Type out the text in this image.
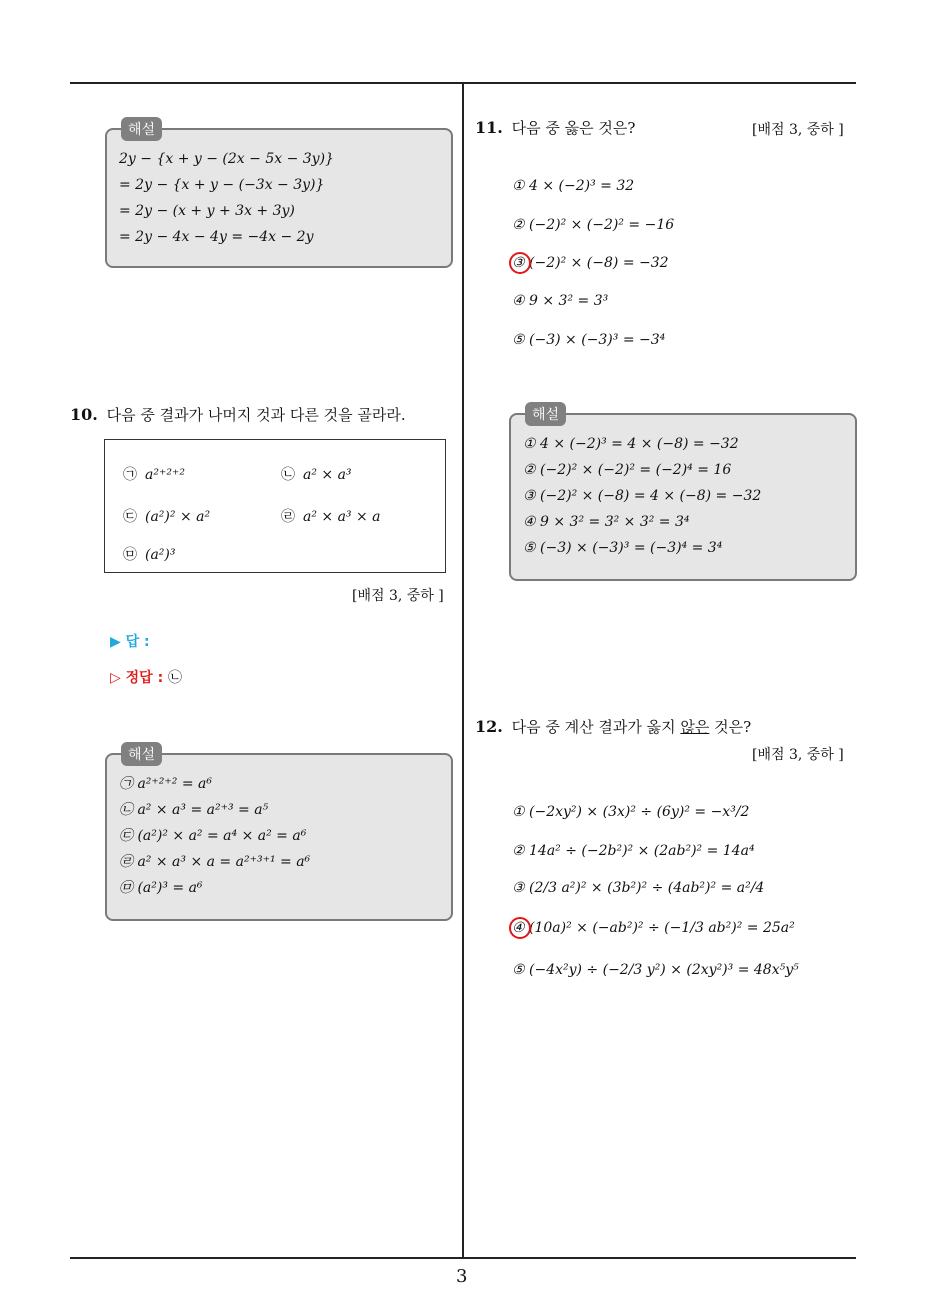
해설
2y − {x + y − (2x − 5x − 3y)}
= 2y − {x + y − (−3x − 3y)}
= 2y − (x + y + 3x + 3y)
= 2y − 4x − 4y = −4x − 2y
10. 다음 중 결과가 나머지 것과 다른 것을 골라라.
㉠ a²⁺²⁺²	㉡ a² × a³
㉢ (a²)² × a²	㉣ a² × a³ × a
㉤ (a²)³
[배점 3, 중하 ]
▶ 답 :
▷ 정답 : ㉡
해설
㉠ a²⁺²⁺² = a⁶
㉡ a² × a³ = a²⁺³ = a⁵
㉢ (a²)² × a² = a⁴ × a² = a⁶
㉣ a² × a³ × a = a²⁺³⁺¹ = a⁶
㉤ (a²)³ = a⁶
11. 다음 중 옳은 것은?	[배점 3, 중하 ]
① 4 × (−2)³ = 32
② (−2)² × (−2)² = −16
③ (−2)² × (−8) = −32
④ 9 × 3² = 3³
⑤ (−3) × (−3)³ = −3⁴
해설
① 4 × (−2)³ = 4 × (−8) = −32
② (−2)² × (−2)² = (−2)⁴ = 16
③ (−2)² × (−8) = 4 × (−8) = −32
④ 9 × 3² = 3² × 3² = 3⁴
⑤ (−3) × (−3)³ = (−3)⁴ = 3⁴
12. 다음 중 계산 결과가 옳지 않은 것은?
[배점 3, 중하 ]
① (−2xy²) × (3x)² ÷ (6y)² = −x³/2
② 14a² ÷ (−2b²)² × (2ab²)² = 14a⁴
③ (2/3 a²)² × (3b²)² ÷ (4ab²)² = a²/4
④ (10a)² × (−ab²)² ÷ (−1/3 ab²)² = 25a²
⑤ (−4x²y) ÷ (−2/3 y²) × (2xy²)³ = 48x⁵y⁵
3
